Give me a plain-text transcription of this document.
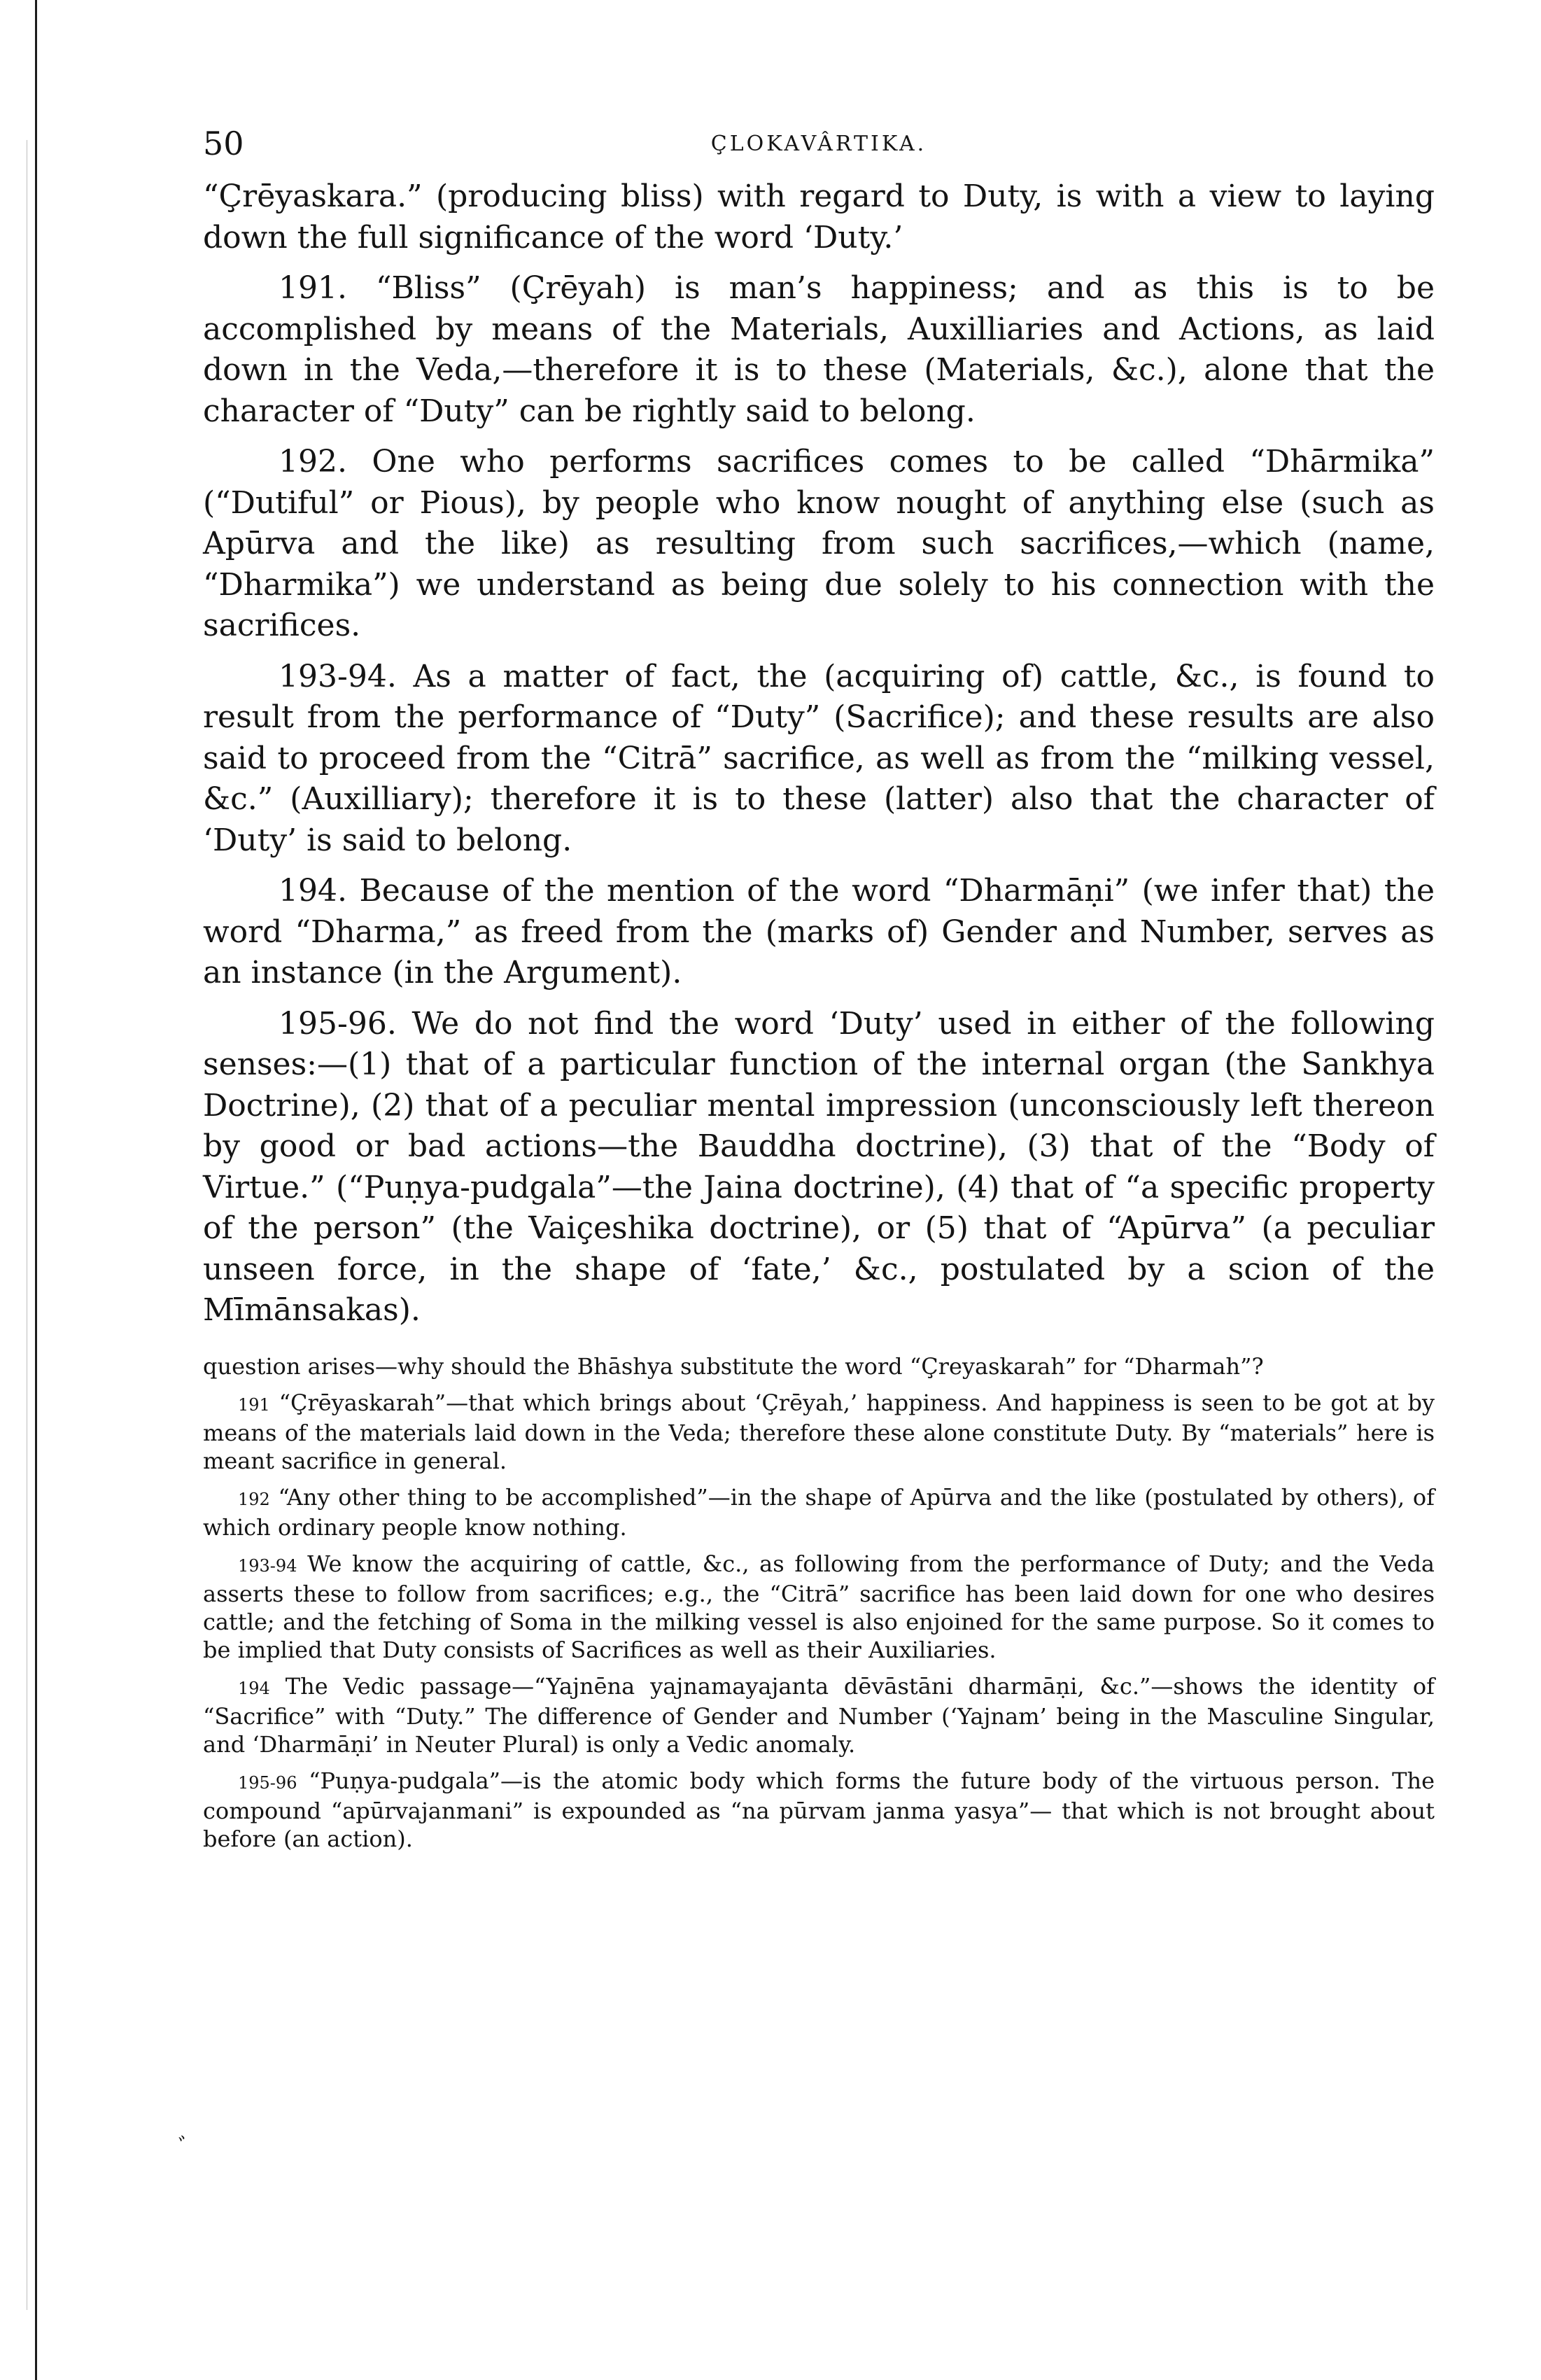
50	ÇLOKAVÂRTIKA.

“Çrēyaskara.” (producing bliss) with regard to Duty, is with a view to laying down the full significance of the word ‘Duty.’

191. “Bliss” (Çrēyah) is man’s happiness; and as this is to be accomplished by means of the Materials, Auxilliaries and Actions, as laid down in the Veda,—therefore it is to these (Materials, &c.), alone that the character of “Duty” can be rightly said to belong.

192. One who performs sacrifices comes to be called “Dhārmika” (“Dutiful” or Pious), by people who know nought of anything else (such as Apūrva and the like) as resulting from such sacrifices,—which (name, “Dharmika”) we understand as being due solely to his connection with the sacrifices.

193-94. As a matter of fact, the (acquiring of) cattle, &c., is found to result from the performance of “Duty” (Sacrifice); and these results are also said to proceed from the “Citrā” sacrifice, as well as from the “milking vessel, &c.” (Auxilliary); therefore it is to these (latter) also that the character of ‘Duty’ is said to belong.

194. Because of the mention of the word “Dharmāṇi” (we infer that) the word “Dharma,” as freed from the (marks of) Gender and Number, serves as an instance (in the Argument).

195-96. We do not find the word ‘Duty’ used in either of the following senses:—(1) that of a particular function of the internal organ (the Sankhya Doctrine), (2) that of a peculiar mental impression (unconsciously left thereon by good or bad actions—the Bauddha doctrine), (3) that of the “Body of Virtue.” (“Puṇya-pudgala”—the Jaina doctrine), (4) that of “a specific property of the person” (the Vaiçeshika doctrine), or (5) that of “Apūrva” (a peculiar unseen force, in the shape of ‘fate,’ &c., postulated by a scion of the Mīmānsakas).

question arises—why should the Bhāshya substitute the word “Çreyaskarah” for “Dharmah”?

191 “Çrēyaskarah”—that which brings about ‘Çrēyah,’ happiness. And happiness is seen to be got at by means of the materials laid down in the Veda; therefore these alone constitute Duty. By “materials” here is meant sacrifice in general.

192 “Any other thing to be accomplished”—in the shape of Apūrva and the like (postulated by others), of which ordinary people know nothing.

193-94 We know the acquiring of cattle, &c., as following from the performance of Duty; and the Veda asserts these to follow from sacrifices; e.g., the “Citrā” sacrifice has been laid down for one who desires cattle; and the fetching of Soma in the milking vessel is also enjoined for the same purpose. So it comes to be implied that Duty consists of Sacrifices as well as their Auxiliaries.

194 The Vedic passage—“Yajnēna yajnamayajanta dēvāstāni dharmāṇi, &c.”—shows the identity of “Sacrifice” with “Duty.” The difference of Gender and Number (‘Yajnam’ being in the Masculine Singular, and ‘Dharmāṇi’ in Neuter Plural) is only a Vedic anomaly.

195-96 “Puṇya-pudgala”—is the atomic body which forms the future body of the virtuous person. The compound “apūrvajanmani” is expounded as “na pūrvam janma yasya”— that which is not brought about before (an action).

ﾞ
